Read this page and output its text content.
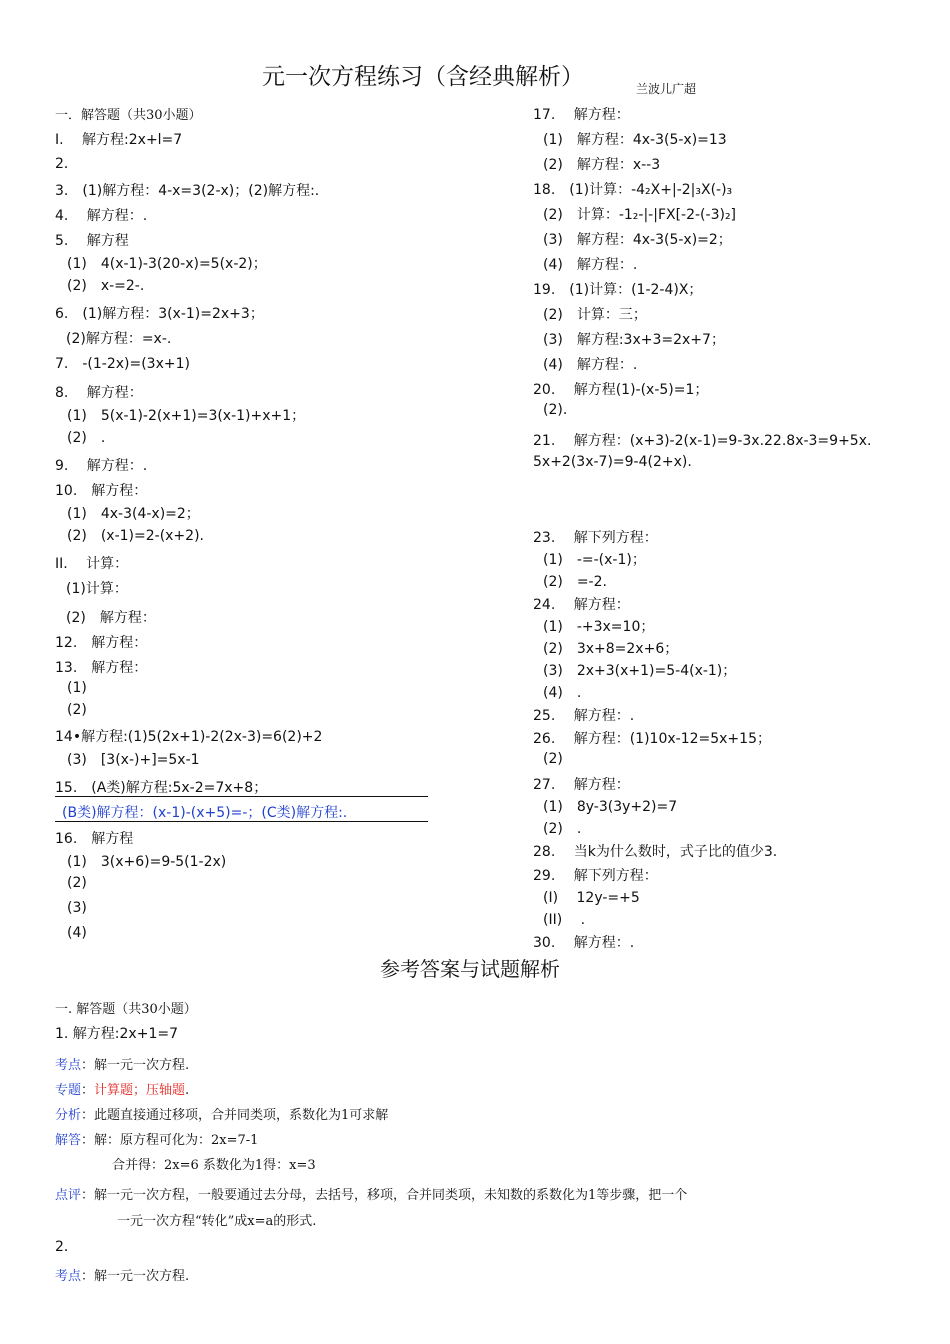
元一次方程练习（含经典解析）	兰波儿广超
一．解答题（共30小题）
I.　 解方程:2x+l=7
2．
3.　(1)解方程：4-x=3(2-x)；(2)解方程:.
4.　 解方程：.
5.　 解方程
(1)　4(x-1)-3(20-x)=5(x-2)；
(2)　x-=2-.
6.　(1)解方程：3(x-1)=2x+3；
(2)解方程：=x-.
7.　-(1-2x)=(3x+1)
8.　 解方程：
(1)　5(x-1)-2(x+1)=3(x-1)+x+1；
(2)　.
9.　 解方程：.
10.　解方程：
(1)　4x-3(4-x)=2；
(2)　(x-1)=2-(x+2).
II.　 计算：
(1)计算：
(2)　解方程：
12.　解方程：
13.　解方程：
(1)
(2)
14•解方程:(1)5(2x+1)-2(2x-3)=6(2)+2
(3)　[3(x-)+]=5x-1
15.　(A类)解方程:5x-2=7x+8；
(B类)解方程：(x-1)-(x+5)=-；(C类)解方程:.
16.　解方程
(1)　3(x+6)=9-5(1-2x)
(2)
(3)
(4)
17.　 解方程：
(1)　解方程：4x-3(5-x)=13
(2)　解方程：x--3
18.　(1)计算：-4₂X+|-2|₃X(-)₃
(2)　计算：-1₂-|-|FX[-2-(-3)₂]
(3)　解方程：4x-3(5-x)=2；
(4)　解方程：.
19.　(1)计算：(1-2-4)X；
(2)　计算：三；
(3)　解方程:3x+3=2x+7；
(4)　解方程：.
20.　 解方程(1)-(x-5)=1；
(2).
21.　 解方程：(x+3)-2(x-1)=9-3x.22.8x-3=9+5x.
5x+2(3x-7)=9-4(2+x).
23.　 解下列方程：
(1)　-=-(x-1)；
(2)　=-2.
24.　 解方程：
(1)　-+3x=10；
(2)　3x+8=2x+6；
(3)　2x+3(x+1)=5-4(x-1)；
(4)　.
25.　 解方程：.
26.　 解方程：(1)10x-12=5x+15；
(2)
27.　 解方程：
(1)　8y-3(3y+2)=7
(2)　.
28.　 当k为什么数时，式子比的值少3.
29.　 解下列方程：
(I)　 12y-=+5
(II)　 .
30.　 解方程：.
参考答案与试题解析
一. 解答题（共30小题）
1. 解方程:2x+1=7
考点：解一元一次方程.
专题：计算题；压轴题.
分析：此题直接通过移项，合并同类项，系数化为1可求解
解答：解：原方程可化为：2x=7-1
合并得：2x=6 系数化为1得：x=3
点评：解一元一次方程，一般要通过去分母，去括号，移项，合并同类项，未知数的系数化为1等步骤，把一个
一元一次方程“转化”成x=a的形式.
2．
考点：解一元一次方程.
